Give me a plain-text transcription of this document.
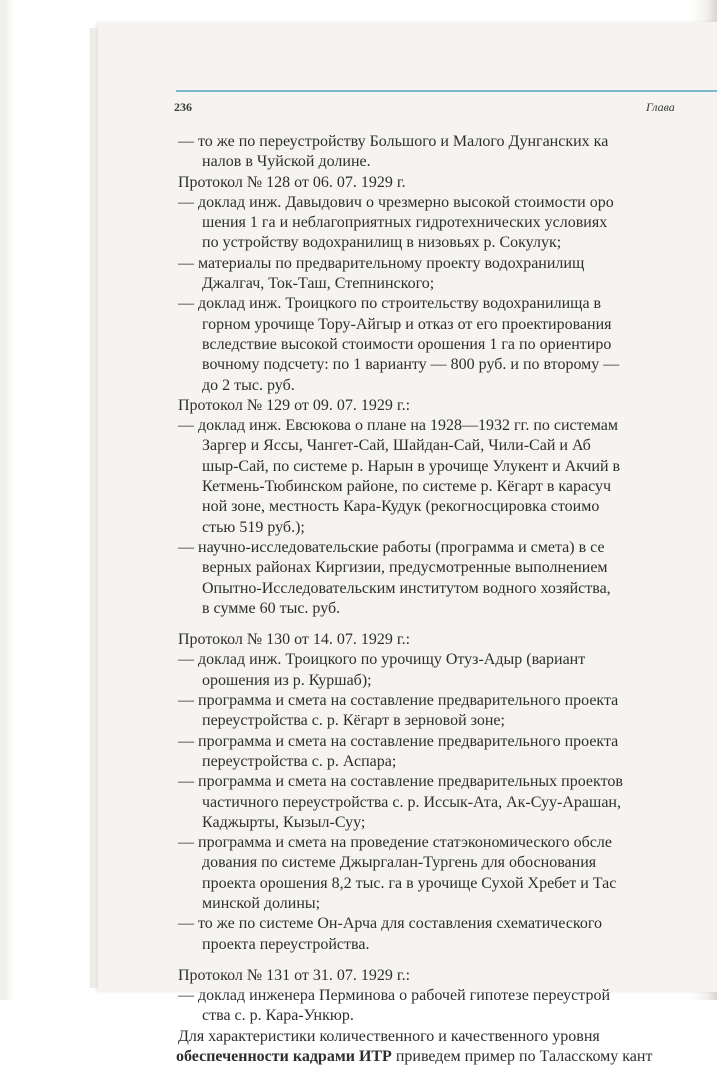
236	Глава
— то же по переустройству Большого и Малого Дунганских ка
налов в Чуйской долине.
Протокол № 128 от 06. 07. 1929 г.
— доклад инж. Давыдович о чрезмерно высокой стоимости оро
шения 1 га и неблагоприятных гидротехнических условиях
по устройству водохранилищ в низовьях р. Сокулук;
— материалы по предварительному проекту водохранилищ
Джалгач, Ток-Таш, Степнинского;
— доклад инж. Троицкого по строительству водохранилища в
горном урочище Тору-Айгыр и отказ от его проектирования
вследствие высокой стоимости орошения 1 га по ориентиро
вочному подсчету: по 1 варианту — 800 руб. и по второму —
до 2 тыс. руб.
Протокол № 129 от 09. 07. 1929 г.:
— доклад инж. Евсюкова о плане на 1928—1932 гг. по системам
Заргер и Яссы, Чангет-Сай, Шайдан-Сай, Чили-Сай и Аб
шыр-Сай, по системе р. Нарын в урочище Улукент и Акчий в
Кетмень-Тюбинском районе, по системе р. Кёгарт в карасуч
ной зоне, местность Кара-Кудук (рекогносцировка стоимо
стью 519 руб.);
— научно-исследовательские работы (программа и смета) в се
верных районах Киргизии, предусмотренные выполнением
Опытно-Исследовательским институтом водного хозяйства,
в сумме 60 тыс. руб.
Протокол № 130 от 14. 07. 1929 г.:
— доклад инж. Троицкого по урочищу Отуз-Адыр (вариант
орошения из р. Куршаб);
— программа и смета на составление предварительного проекта
переустройства с. р. Кёгарт в зерновой зоне;
— программа и смета на составление предварительного проекта
переустройства с. р. Аспара;
— программа и смета на составление предварительных проектов
частичного переустройства с. р. Иссык-Ата, Ак-Суу-Арашан,
Каджырты, Кызыл-Суу;
— программа и смета на проведение статэкономического обсле
дования по системе Джыргалан-Тургень для обоснования
проекта орошения 8,2 тыс. га в урочище Сухой Хребет и Тас
минской долины;
— то же по системе Он-Арча для составления схематического
проекта переустройства.
Протокол № 131 от 31. 07. 1929 г.:
— доклад инженера Перминова о рабочей гипотезе переустрой
ства с. р. Кара-Ункюр.
Для характеристики количественного и качественного уровня
обеспеченности кадрами ИТР приведем пример по Таласскому кант
